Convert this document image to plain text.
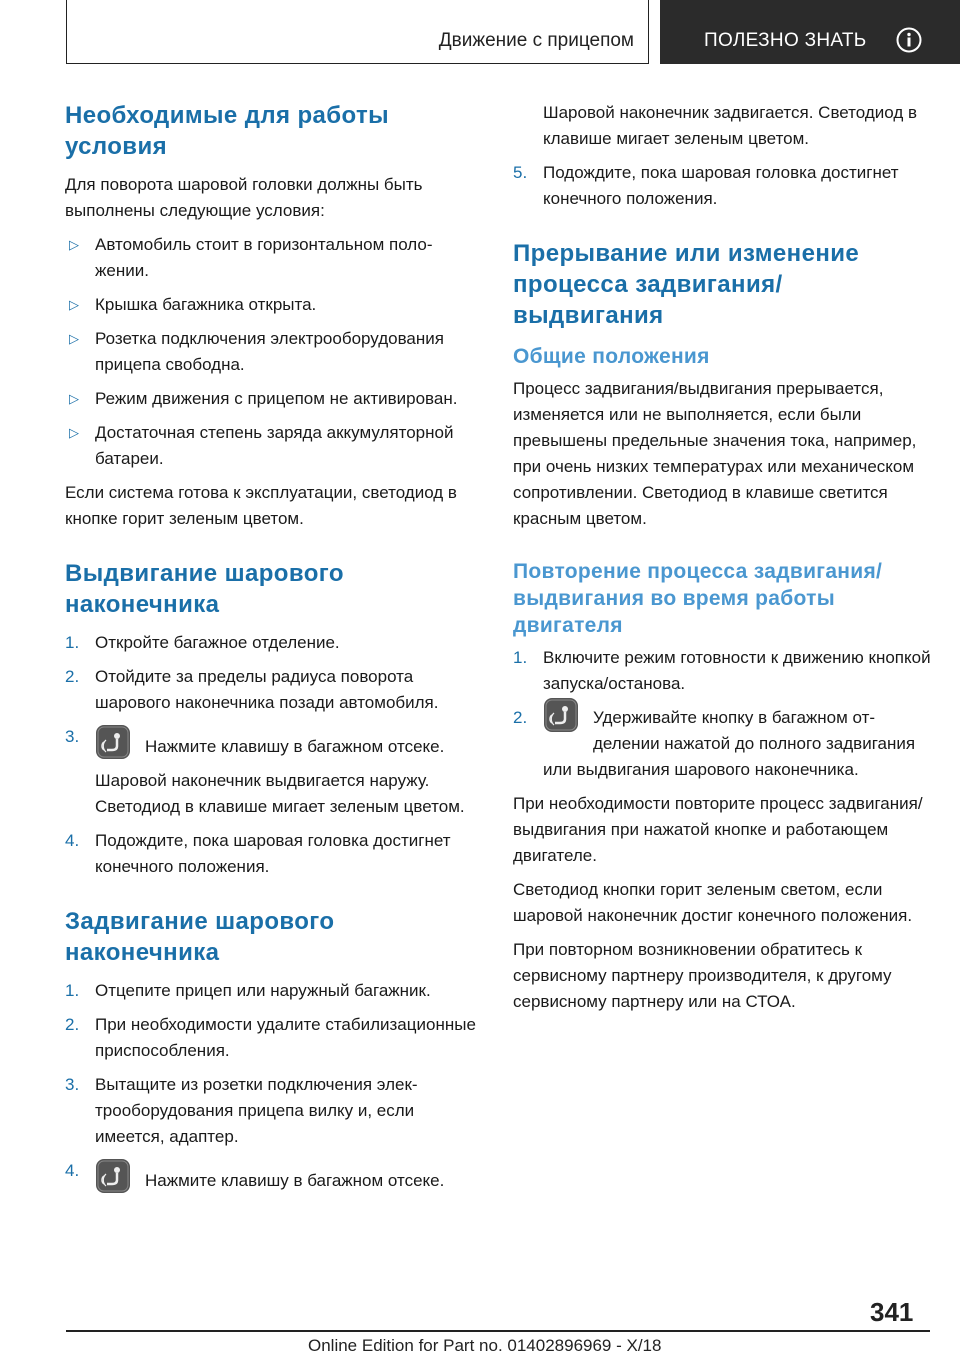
Движение с прицепом	ПОЛЕЗНО ЗНАТЬ
Необходимые для работы условия
Для поворота шаровой головки должны быть выполнены следующие условия:
▷ Автомобиль стоит в горизонтальном положении.
▷ Крышка багажника открыта.
▷ Розетка подключения электрооборудования прицепа свободна.
▷ Режим движения с прицепом не активирован.
▷ Достаточная степень заряда аккумуляторной батареи.
Если система готова к эксплуатации, светодиод в кнопке горит зеленым цветом.
Выдвигание шарового наконечника
1. Откройте багажное отделение.
2. Отойдите за пределы радиуса поворота шарового наконечника позади автомобиля.
3.
Нажмите клавишу в багажном отсеке.
Шаровой наконечник выдвигается наружу. Светодиод в клавише мигает зеленым цветом.
4. Подождите, пока шаровая головка достигнет конечного положения.
Задвигание шарового наконечника
1. Отцепите прицеп или наружный багажник.
2. При необходимости удалите стабилизационные приспособления.
3. Вытащите из розетки подключения электрооборудования прицепа вилку и, если имеется, адаптер.
4.
Нажмите клавишу в багажном отсеке.
Шаровой наконечник задвигается. Светодиод в клавише мигает зеленым цветом.
5. Подождите, пока шаровая головка достигнет конечного положения.
Прерывание или изменение процесса задвигания/ выдвигания
Общие положения
Процесс задвигания/выдвигания прерывается, изменяется или не выполняется, если были превышены предельные значения тока, например, при очень низких температурах или механическом сопротивлении. Светодиод в клавише светится красным цветом.
Повторение процесса задвигания/ выдвигания во время работы двигателя
1. Включите режим готовности к движению кнопкой запуска/останова.
2.	Удерживайте кнопку в багажном отделении нажатой до полного задвигания или выдвигания шарового наконечника.
При необходимости повторите процесс задвигания/выдвигания при нажатой кнопке и работающем двигателе.
Светодиод кнопки горит зеленым светом, если шаровой наконечник достиг конечного положения.
При повторном возникновении обратитесь к сервисному партнеру производителя, к другому сервисному партнеру или на СТОА.
341
Online Edition for Part no. 01402896969 - X/18
